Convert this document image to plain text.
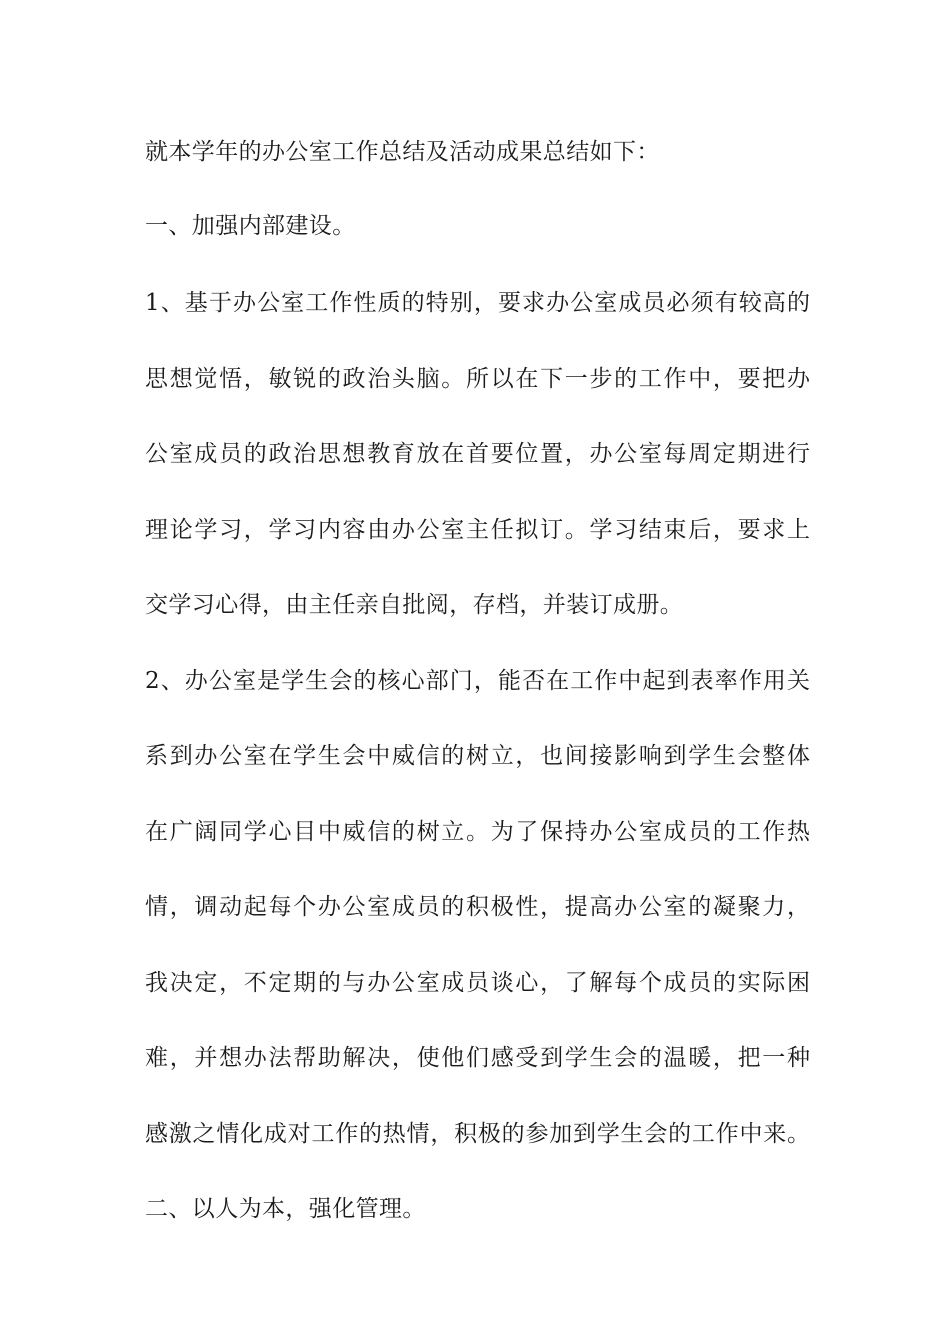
就本学年的办公室工作总结及活动成果总结如下：
一、加强内部建设。
1、基于办公室工作性质的特别，要求办公室成员必须有较高的
思想觉悟，敏锐的政治头脑。所以在下一步的工作中，要把办
公室成员的政治思想教育放在首要位置，办公室每周定期进行
理论学习，学习内容由办公室主任拟订。学习结束后，要求上
交学习心得，由主任亲自批阅，存档，并装订成册。
2、办公室是学生会的核心部门，能否在工作中起到表率作用关
系到办公室在学生会中威信的树立，也间接影响到学生会整体
在广阔同学心目中威信的树立。为了保持办公室成员的工作热
情，调动起每个办公室成员的积极性，提高办公室的凝聚力，
我决定，不定期的与办公室成员谈心，了解每个成员的实际困
难，并想办法帮助解决，使他们感受到学生会的温暖，把一种
感激之情化成对工作的热情，积极的参加到学生会的工作中来。
二、以人为本，强化管理。
